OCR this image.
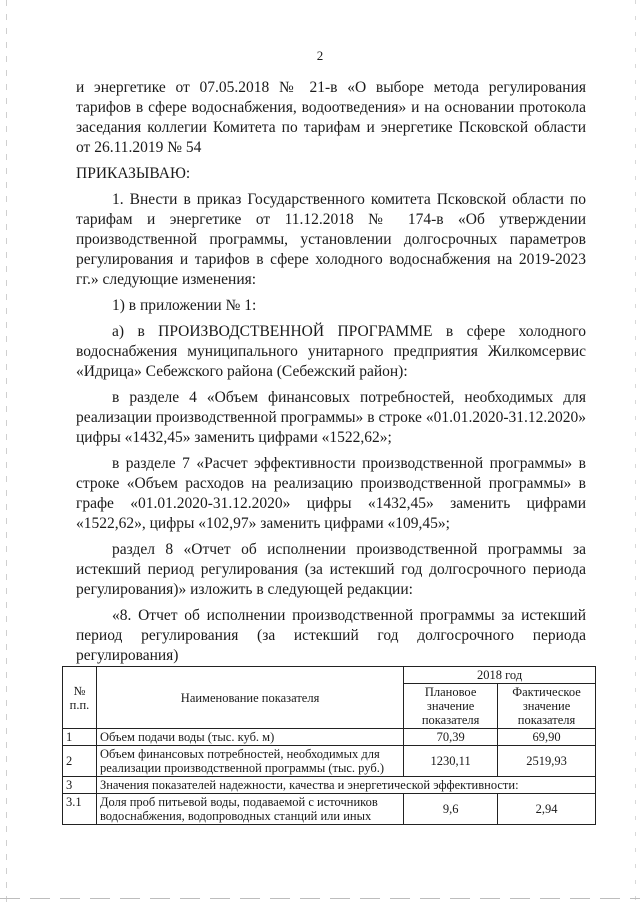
2

и энергетике от 07.05.2018 № 21-в «О выборе метода регулирования тарифов в сфере водоснабжения, водоотведения» и на основании протокола заседания коллегии Комитета по тарифам и энергетике Псковской области от 26.11.2019 № 54

ПРИКАЗЫВАЮ:

1. Внести в приказ Государственного комитета Псковской области по тарифам и энергетике от 11.12.2018 № 174-в «Об утверждении производственной программы, установлении долгосрочных параметров регулирования и тарифов в сфере холодного водоснабжения на 2019-2023 гг.» следующие изменения:

1) в приложении № 1:

а) в ПРОИЗВОДСТВЕННОЙ ПРОГРАММЕ в сфере холодного водоснабжения муниципального унитарного предприятия Жилкомсервис «Идрица» Себежского района (Себежский район):

в разделе 4 «Объем финансовых потребностей, необходимых для реализации производственной программы» в строке «01.01.2020-31.12.2020» цифры «1432,45» заменить цифрами «1522,62»;

в разделе 7 «Расчет эффективности производственной программы» в строке «Объем расходов на реализацию производственной программы» в графе «01.01.2020-31.12.2020» цифры «1432,45» заменить цифрами «1522,62», цифры «102,97» заменить цифрами «109,45»;

раздел 8 «Отчет об исполнении производственной программы за истекший период регулирования (за истекший год долгосрочного периода регулирования)» изложить в следующей редакции:

«8. Отчет об исполнении производственной программы за истекший период регулирования (за истекший год долгосрочного периода регулирования)

№ п.п.	Наименование показателя	2018 год	
		Плановое значение показателя	Фактическое значение показателя
1	Объем подачи воды (тыс. куб. м)	70,39	69,90
2	Объем финансовых потребностей, необходимых для реализации производственной программы (тыс. руб.)	1230,11	2519,93
3	Значения показателей надежности, качества и энергетической эффективности:		
3.1	Доля проб питьевой воды, подаваемой с источников водоснабжения, водопроводных станций или иных	9,6	2,94
